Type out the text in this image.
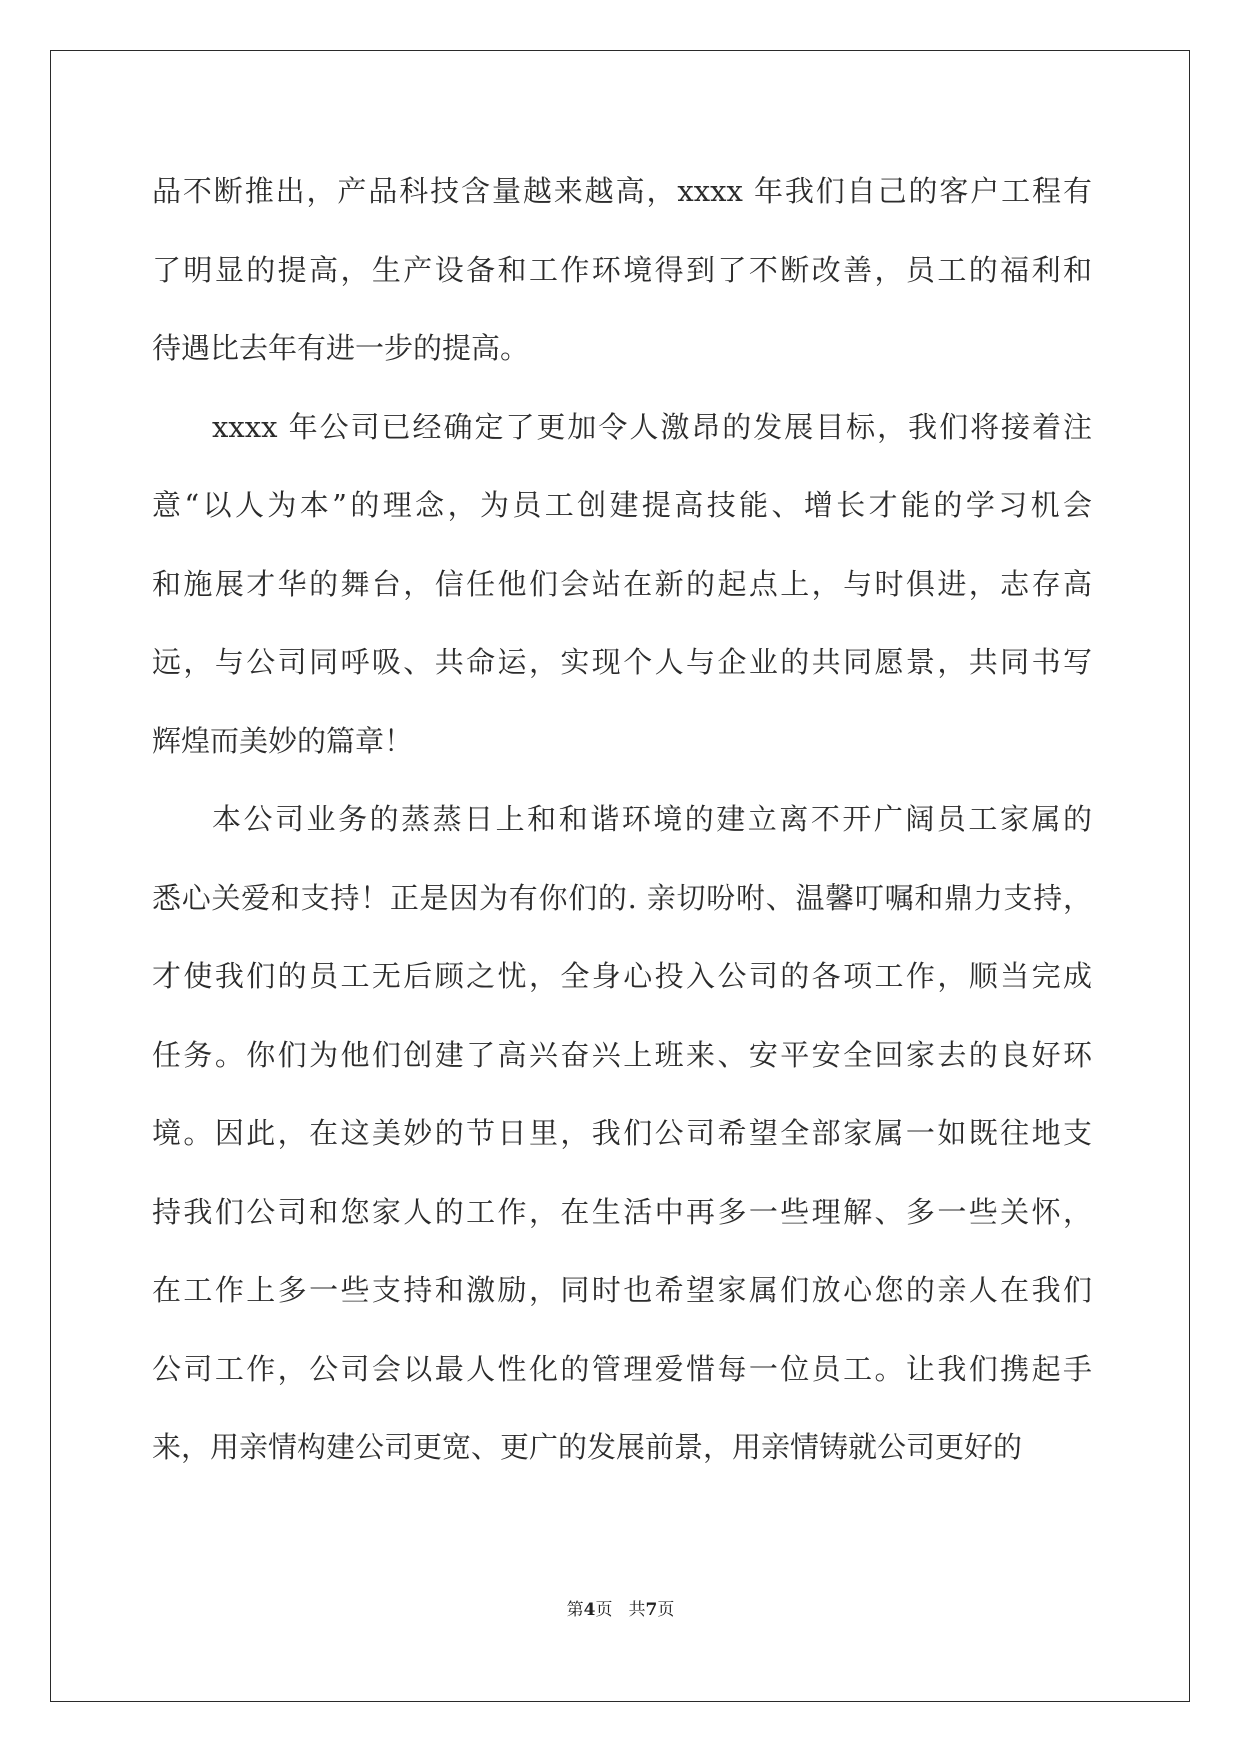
品不断推出，产品科技含量越来越高，xxxx 年我们自己的客户工程有
了明显的提高，生产设备和工作环境得到了不断改善，员工的福利和
待遇比去年有进一步的提高。
xxxx 年公司已经确定了更加令人激昂的发展目标，我们将接着注
意“以人为本”的理念，为员工创建提高技能、增长才能的学习机会
和施展才华的舞台，信任他们会站在新的起点上，与时俱进，志存高
远，与公司同呼吸、共命运，实现个人与企业的共同愿景，共同书写
辉煌而美妙的篇章！
本公司业务的蒸蒸日上和和谐环境的建立离不开广阔员工家属的
悉心关爱和支持！正是因为有你们的. 亲切吩咐、温馨叮嘱和鼎力支持，
才使我们的员工无后顾之忧，全身心投入公司的各项工作，顺当完成
任务。你们为他们创建了高兴奋兴上班来、安平安全回家去的良好环
境。因此，在这美妙的节日里，我们公司希望全部家属一如既往地支
持我们公司和您家人的工作，在生活中再多一些理解、多一些关怀，
在工作上多一些支持和激励，同时也希望家属们放心您的亲人在我们
公司工作，公司会以最人性化的管理爱惜每一位员工。让我们携起手
来，用亲情构建公司更宽、更广的发展前景，用亲情铸就公司更好的
第4页 共7页
